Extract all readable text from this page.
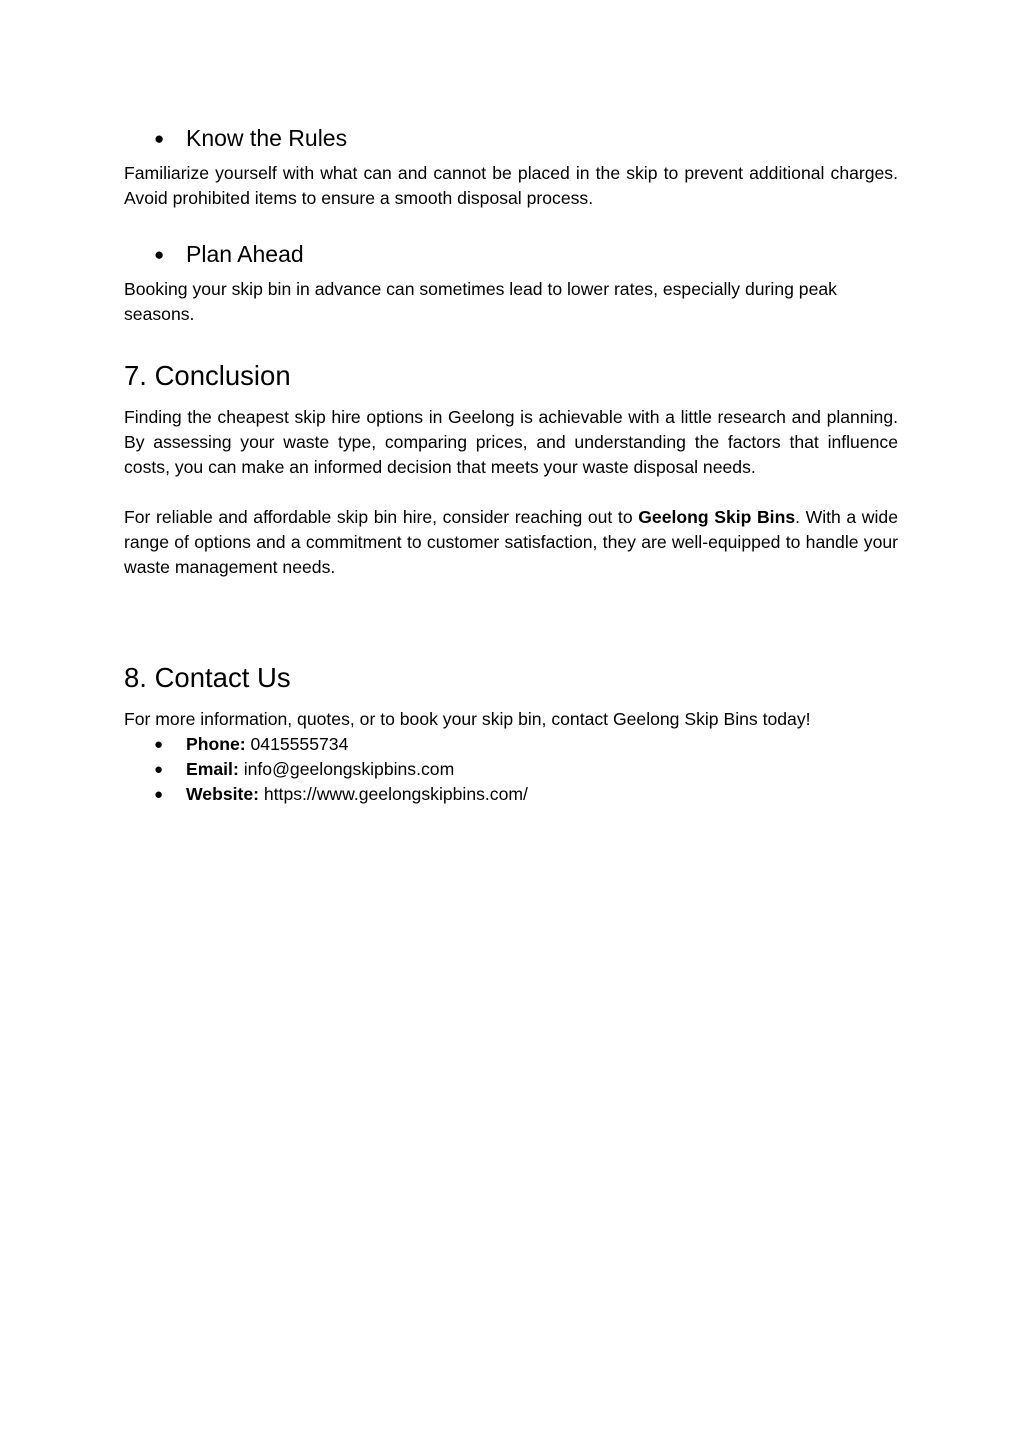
● Know the Rules
Familiarize yourself with what can and cannot be placed in the skip to prevent additional charges. Avoid prohibited items to ensure a smooth disposal process.
● Plan Ahead
Booking your skip bin in advance can sometimes lead to lower rates, especially during peak seasons.
7. Conclusion
Finding the cheapest skip hire options in Geelong is achievable with a little research and planning. By assessing your waste type, comparing prices, and understanding the factors that influence costs, you can make an informed decision that meets your waste disposal needs.
For reliable and affordable skip bin hire, consider reaching out to Geelong Skip Bins. With a wide range of options and a commitment to customer satisfaction, they are well-equipped to handle your waste management needs.
8. Contact Us
For more information, quotes, or to book your skip bin, contact Geelong Skip Bins today!
● Phone: 0415555734
● Email: info@geelongskipbins.com
● Website: https://www.geelongskipbins.com/
